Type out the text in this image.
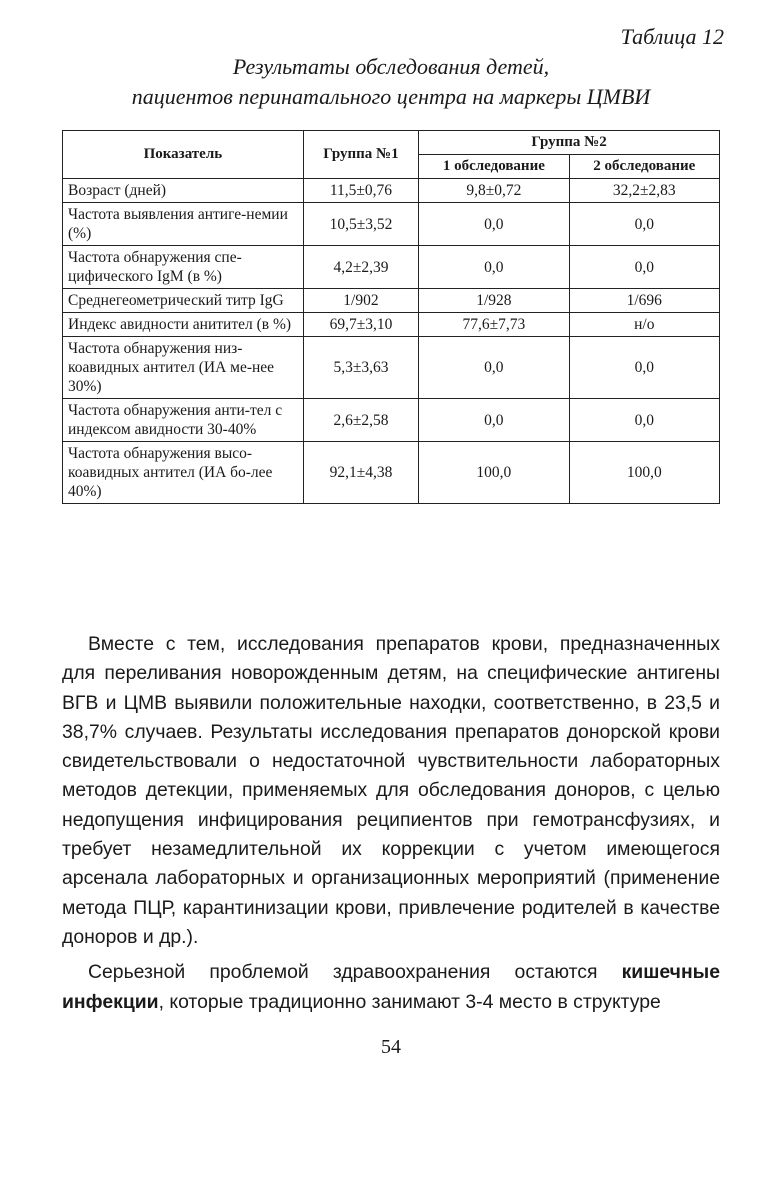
Таблица 12
Результаты обследования детей,
пациентов перинатального центра на маркеры ЦМВИ
Показатель	Группа №1	Группа №2	
		1 обследование	2 обследование
Возраст (дней)	11,5±0,76	9,8±0,72	32,2±2,83
Частота выявления антиге-немии (%)	10,5±3,52	0,0	0,0
Частота обнаружения спе-цифического IgM (в %)	4,2±2,39	0,0	0,0
Среднегеометрический титр IgG	1/902	1/928	1/696
Индекс авидности анитител (в %)	69,7±3,10	77,6±7,73	н/о
Частота обнаружения низ-коавидных антител (ИА ме-нее 30%)	5,3±3,63	0,0	0,0
Частота обнаружения анти-тел с индексом авидности 30-40%	2,6±2,58	0,0	0,0
Частота обнаружения высо-коавидных антител (ИА бо-лее 40%)	92,1±4,38	100,0	100,0

Вместе с тем, исследования препаратов крови, предназначенных для переливания новорожденным детям, на специфические антигены ВГВ и ЦМВ выявили положительные находки, соответственно, в 23,5 и 38,7% случаев. Результаты исследования препаратов донорской крови свидетельствовали о недостаточной чувствительности лабораторных методов детекции, применяемых для обследования доноров, с целью недопущения инфицирования реципиентов при гемотрансфузиях, и требует незамедлительной их коррекции с учетом имеющегося арсенала лабораторных и организационных мероприятий (применение метода ПЦР, карантинизации крови, привлечение родителей в качестве доноров и др.).

Серьезной проблемой здравоохранения остаются кишечные инфекции, которые традиционно занимают 3-4 место в структуре

54
